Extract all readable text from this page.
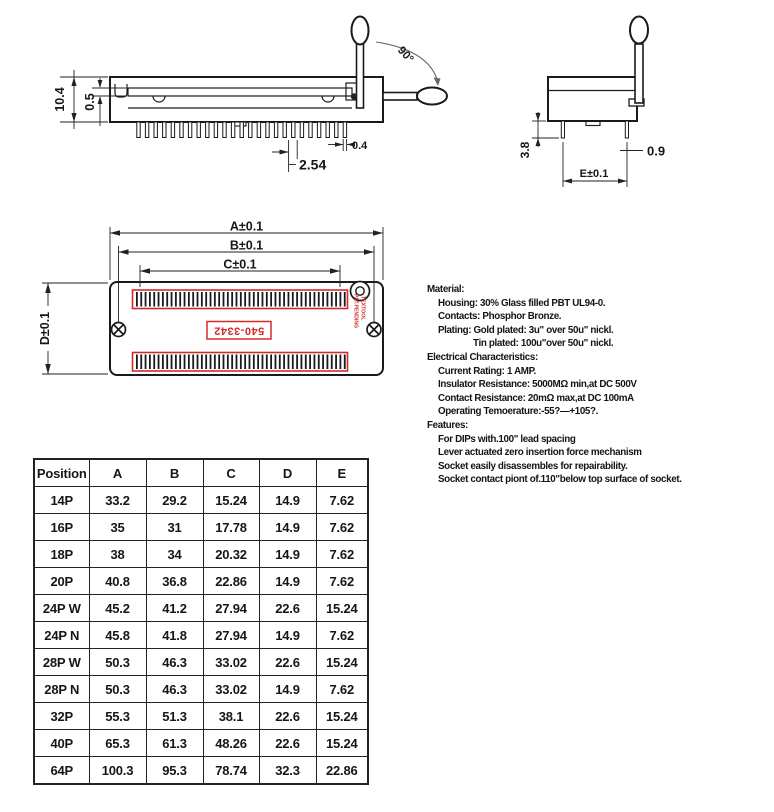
10.4 0.5
2.54
0.4
90°
3.8	0.9
E±0.1
540-3342
PAT.PENDING TEXTOOL
A±0.1
B±0.1
C±0.1
D±0.1
Material:
Housing: 30% Glass filled PBT UL94-0.
Contacts: Phosphor Bronze.
Plating: Gold plated: 3u" over 50u" nickl.
Tin plated: 100u"over 50u" nickl.
Electrical Characteristics:
Current Rating: 1 AMP.
Insulator Resistance: 5000MΩ min,at DC 500V
Contact Resistance: 20mΩ max,at DC 100mA
Operating Temoerature:-55?—+105?.
Features:
For DIPs with.100" lead spacing
Lever actuated zero insertion force mechanism
Socket easily disassembles for repairability.
Socket contact piont of.110"below top surface of socket.
Position	A	B	C	D	E
14P	33.2	29.2	15.24	14.9	7.62
16P	35	31	17.78	14.9	7.62
18P	38	34	20.32	14.9	7.62
20P	40.8	36.8	22.86	14.9	7.62
24P W	45.2	41.2	27.94	22.6	15.24
24P N	45.8	41.8	27.94	14.9	7.62
28P W	50.3	46.3	33.02	22.6	15.24
28P N	50.3	46.3	33.02	14.9	7.62
32P	55.3	51.3	38.1	22.6	15.24
40P	65.3	61.3	48.26	22.6	15.24
64P	100.3	95.3	78.74	32.3	22.86
